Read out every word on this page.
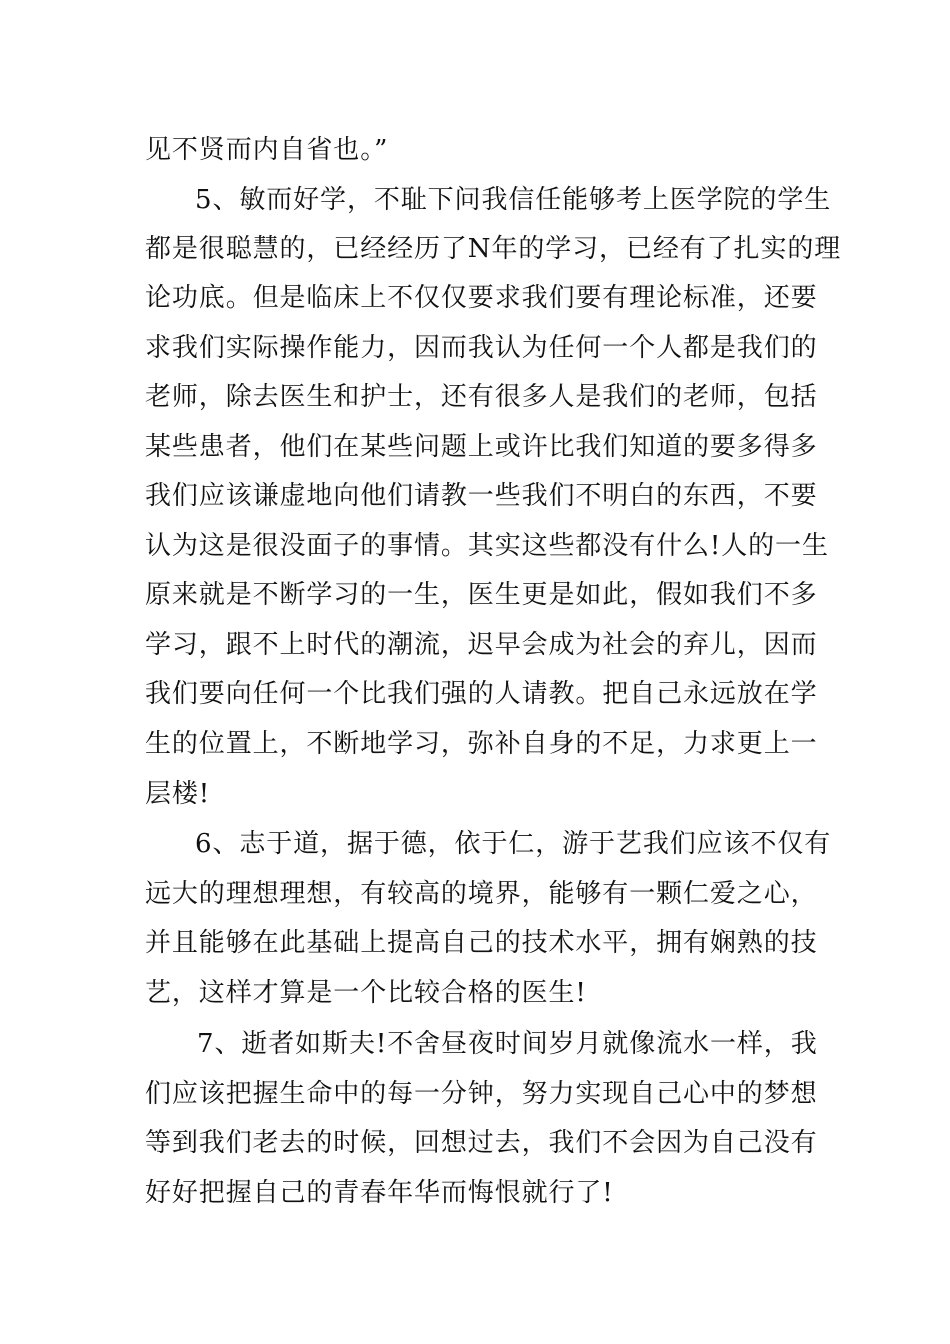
见不贤而内自省也。”
5、敏而好学，不耻下问我信任能够考上医学院的学生
都是很聪慧的，已经经历了N年的学习，已经有了扎实的理
论功底。但是临床上不仅仅要求我们要有理论标准，还要
求我们实际操作能力，因而我认为任何一个人都是我们的
老师，除去医生和护士，还有很多人是我们的老师，包括
某些患者，他们在某些问题上或许比我们知道的要多得多
我们应该谦虚地向他们请教一些我们不明白的东西，不要
认为这是很没面子的事情。其实这些都没有什么!人的一生
原来就是不断学习的一生，医生更是如此，假如我们不多
学习，跟不上时代的潮流，迟早会成为社会的弃儿，因而
我们要向任何一个比我们强的人请教。把自己永远放在学
生的位置上，不断地学习，弥补自身的不足，力求更上一
层楼!
6、志于道，据于德，依于仁，游于艺我们应该不仅有
远大的理想理想，有较高的境界，能够有一颗仁爱之心，
并且能够在此基础上提高自己的技术水平，拥有娴熟的技
艺，这样才算是一个比较合格的医生!
7、逝者如斯夫!不舍昼夜时间岁月就像流水一样，我
们应该把握生命中的每一分钟，努力实现自己心中的梦想
等到我们老去的时候，回想过去，我们不会因为自己没有
好好把握自己的青春年华而悔恨就行了!
